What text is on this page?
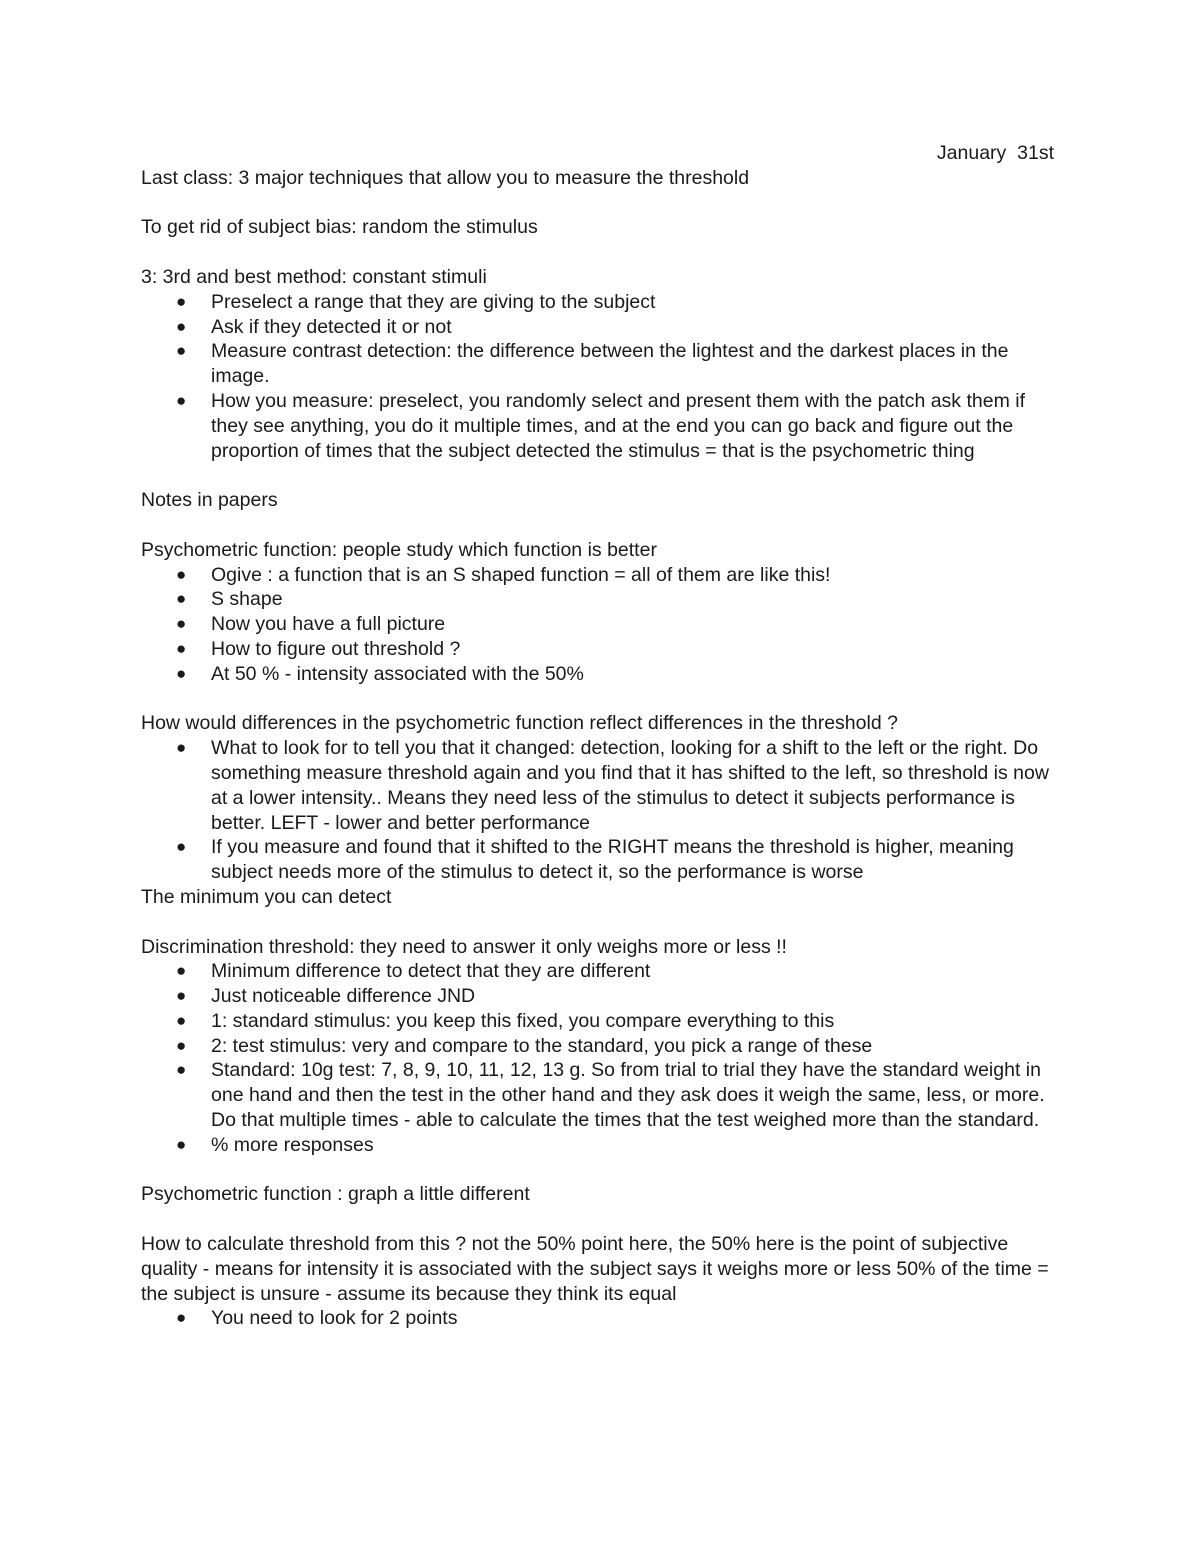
January  31st

Last class: 3 major techniques that allow you to measure the threshold

To get rid of subject bias: random the stimulus

3: 3rd and best method: constant stimuli

● Preselect a range that they are giving to the subject
● Ask if they detected it or not
● Measure contrast detection: the difference between the lightest and the darkest places in the image.
● How you measure: preselect, you randomly select and present them with the patch ask them if they see anything, you do it multiple times, and at the end you can go back and figure out the proportion of times that the subject detected the stimulus = that is the psychometric thing

Notes in papers

Psychometric function: people study which function is better

● Ogive : a function that is an S shaped function = all of them are like this!
● S shape
● Now you have a full picture
● How to figure out threshold ?
● At 50 % - intensity associated with the 50%

How would differences in the psychometric function reflect differences in the threshold ?

● What to look for to tell you that it changed: detection, looking for a shift to the left or the right. Do something measure threshold again and you find that it has shifted to the left, so threshold is now at a lower intensity.. Means they need less of the stimulus to detect it subjects performance is better. LEFT - lower and better performance
● If you measure and found that it shifted to the RIGHT means the threshold is higher, meaning subject needs more of the stimulus to detect it, so the performance is worse

The minimum you can detect

Discrimination threshold: they need to answer it only weighs more or less !!

● Minimum difference to detect that they are different
● Just noticeable difference JND
● 1: standard stimulus: you keep this fixed, you compare everything to this
● 2: test stimulus: very and compare to the standard, you pick a range of these
● Standard: 10g test: 7, 8, 9, 10, 11, 12, 13 g. So from trial to trial they have the standard weight in one hand and then the test in the other hand and they ask does it weigh the same, less, or more. Do that multiple times - able to calculate the times that the test weighed more than the standard.
● % more responses

Psychometric function : graph a little different

How to calculate threshold from this ? not the 50% point here, the 50% here is the point of subjective quality - means for intensity it is associated with the subject says it weighs more or less 50% of the time = the subject is unsure - assume its because they think its equal

● You need to look for 2 points
